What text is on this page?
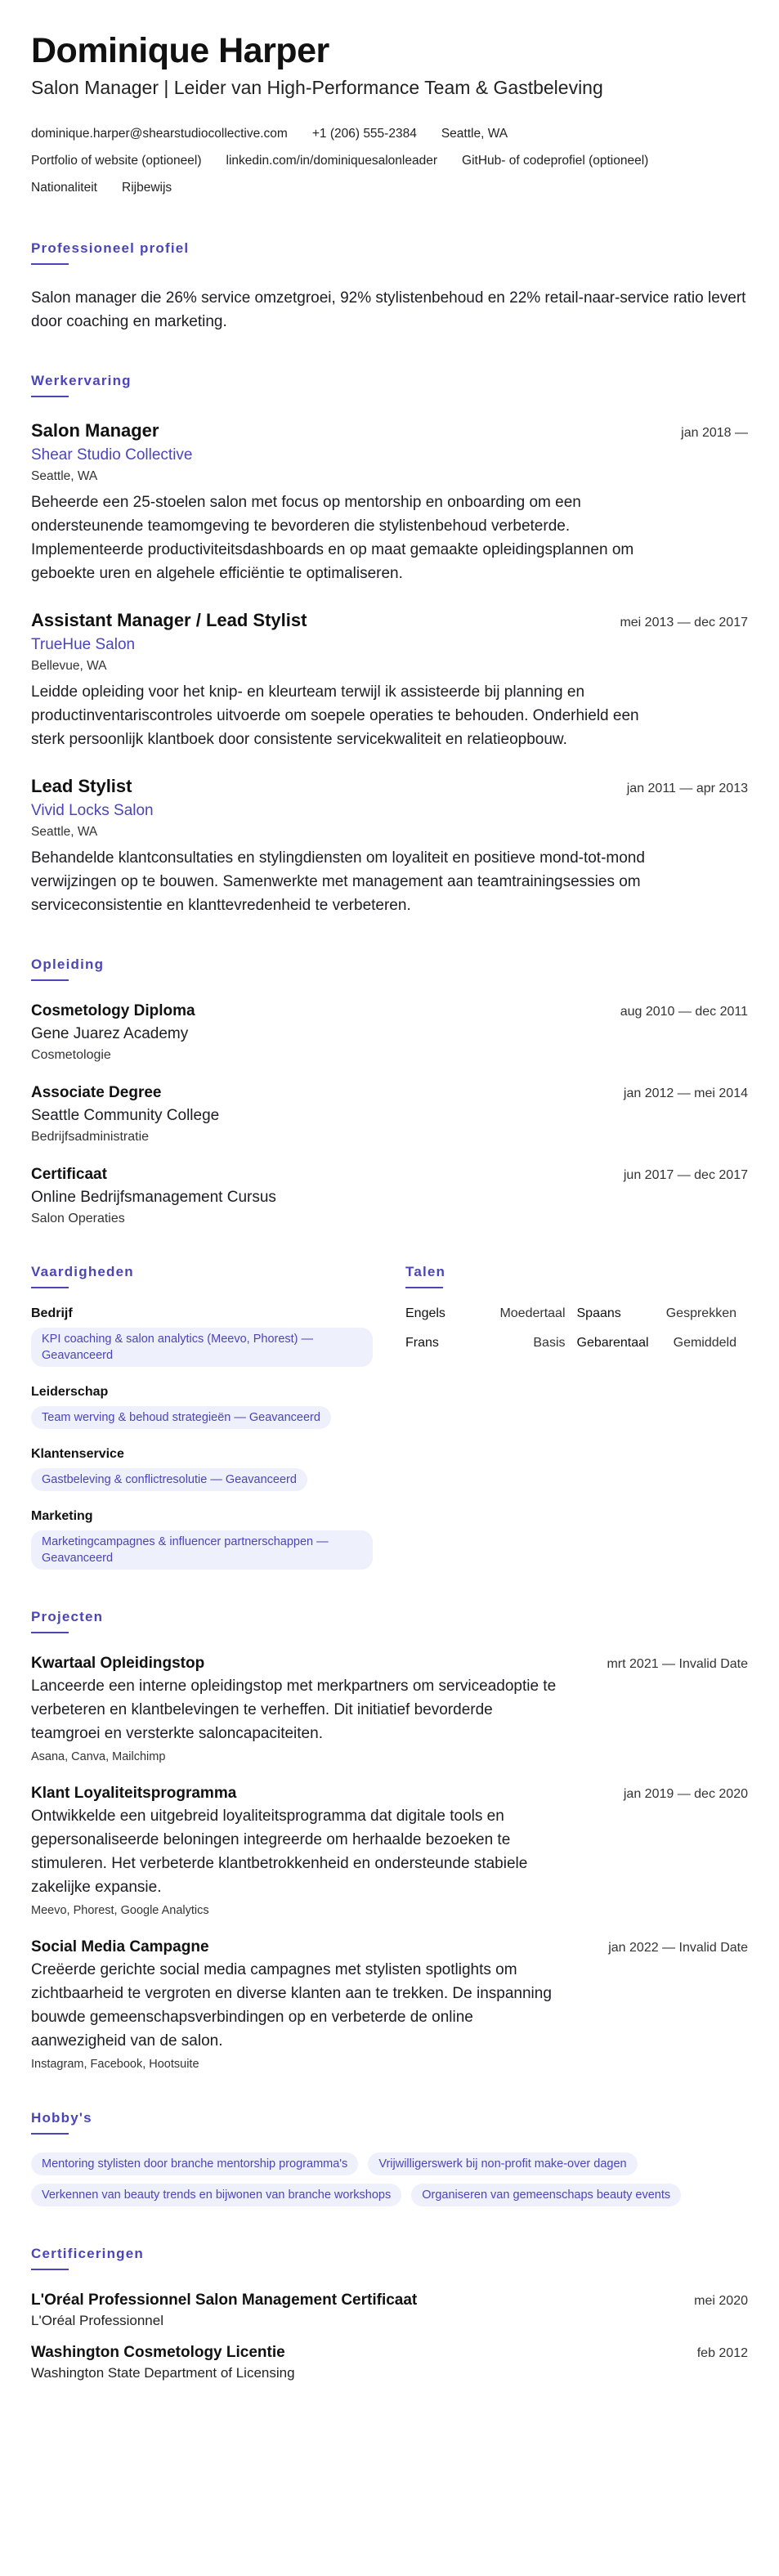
Dominique Harper
Salon Manager | Leider van High-Performance Team & Gastbeleving
dominique.harper@shearstudiocollective.com +1 (206) 555-2384 Seattle, WA
Portfolio of website (optioneel) linkedin.com/in/dominiquesalonleader GitHub- of codeprofiel (optioneel)
Nationaliteit Rijbewijs
Professioneel profiel
Salon manager die 26% service omzetgroei, 92% stylistenbehoud en 22% retail-naar-service ratio levert door coaching en marketing.
Werkervaring
Salon Manager	jan 2018 —
Shear Studio Collective
Seattle, WA
Beheerde een 25-stoelen salon met focus op mentorship en onboarding om een ondersteunende teamomgeving te bevorderen die stylistenbehoud verbeterde. Implementeerde productiviteitsdashboards en op maat gemaakte opleidingsplannen om geboekte uren en algehele efficiëntie te optimaliseren.
Assistant Manager / Lead Stylist	mei 2013 — dec 2017
TrueHue Salon
Bellevue, WA
Leidde opleiding voor het knip- en kleurteam terwijl ik assisteerde bij planning en productinventariscontroles uitvoerde om soepele operaties te behouden. Onderhield een sterk persoonlijk klantboek door consistente servicekwaliteit en relatieopbouw.
Lead Stylist	jan 2011 — apr 2013
Vivid Locks Salon
Seattle, WA
Behandelde klantconsultaties en stylingdiensten om loyaliteit en positieve mond-tot-mond verwijzingen op te bouwen. Samenwerkte met management aan teamtrainingsessies om serviceconsistentie en klanttevredenheid te verbeteren.
Opleiding
Cosmetology Diploma	aug 2010 — dec 2011
Gene Juarez Academy
Cosmetologie
Associate Degree	jan 2012 — mei 2014
Seattle Community College
Bedrijfsadministratie
Certificaat	jun 2017 — dec 2017
Online Bedrijfsmanagement Cursus
Salon Operaties
Vaardigheden
Bedrijf
KPI coaching & salon analytics (Meevo, Phorest) — Geavanceerd
Leiderschap
Team werving & behoud strategieën — Geavanceerd
Klantenservice
Gastbeleving & conflictresolutie — Geavanceerd
Marketing
Marketingcampagnes & influencer partnerschappen — Geavanceerd
Talen
Engels	Moedertaal Spaans	Gesprekken
Frans	Basis Gebarentaal	Gemiddeld
Projecten
Kwartaal Opleidingstop	mrt 2021 — Invalid Date
Lanceerde een interne opleidingstop met merkpartners om serviceadoptie te verbeteren en klantbelevingen te verheffen. Dit initiatief bevorderde teamgroei en versterkte saloncapaciteiten.
Asana, Canva, Mailchimp
Klant Loyaliteitsprogramma	jan 2019 — dec 2020
Ontwikkelde een uitgebreid loyaliteitsprogramma dat digitale tools en gepersonaliseerde beloningen integreerde om herhaalde bezoeken te stimuleren. Het verbeterde klantbetrokkenheid en ondersteunde stabiele zakelijke expansie.
Meevo, Phorest, Google Analytics
Social Media Campagne	jan 2022 — Invalid Date
Creëerde gerichte social media campagnes met stylisten spotlights om zichtbaarheid te vergroten en diverse klanten aan te trekken. De inspanning bouwde gemeenschapsverbindingen op en verbeterde de online aanwezigheid van de salon.
Instagram, Facebook, Hootsuite
Hobby's
Mentoring stylisten door branche mentorship programma's	Vrijwilligerswerk bij non-profit make-over dagen
Verkennen van beauty trends en bijwonen van branche workshops	Organiseren van gemeenschaps beauty events
Certificeringen
L'Oréal Professionnel Salon Management Certificaat	mei 2020
L'Oréal Professionnel
Washington Cosmetology Licentie	feb 2012
Washington State Department of Licensing
